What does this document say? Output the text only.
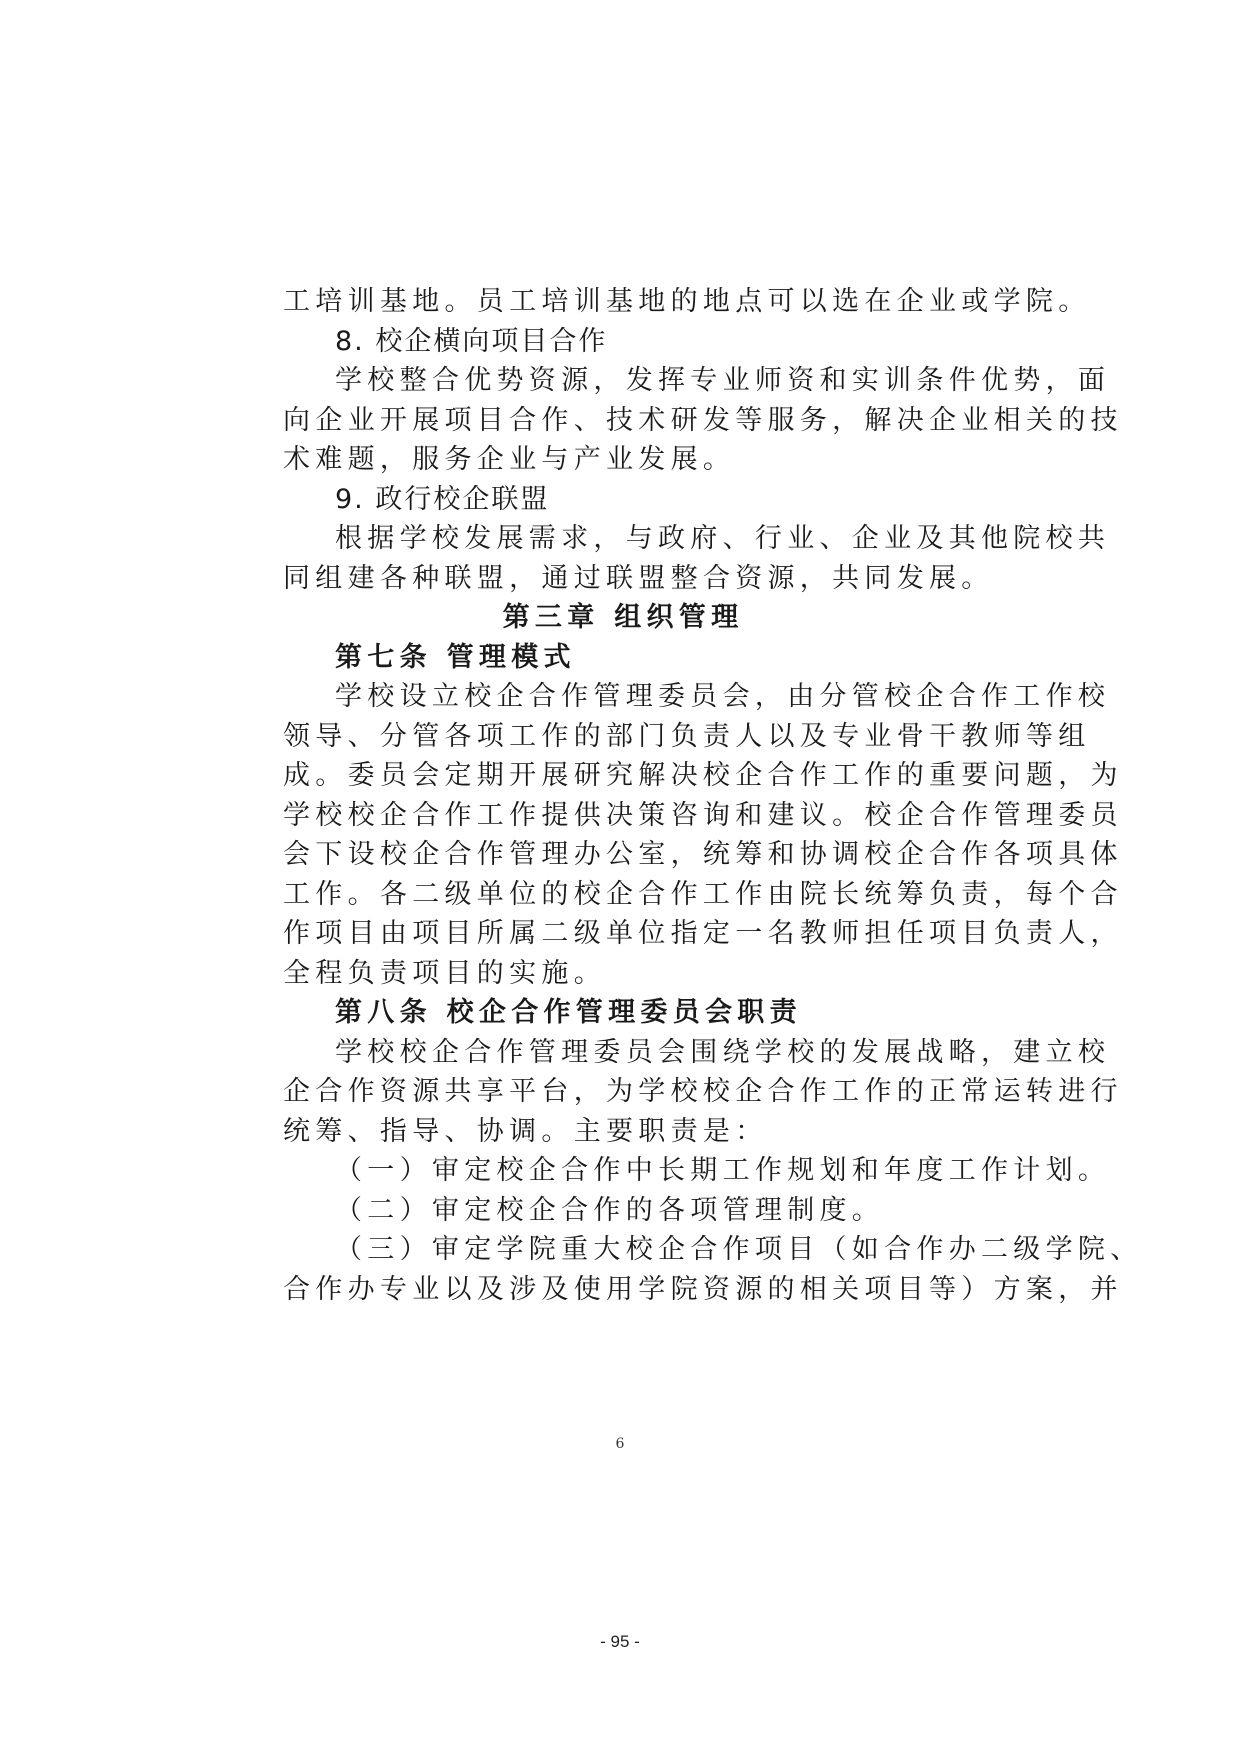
工培训基地。员工培训基地的地点可以选在企业或学院。
8. 校企横向项目合作
学校整合优势资源，发挥专业师资和实训条件优势，面
向企业开展项目合作、技术研发等服务，解决企业相关的技
术难题，服务企业与产业发展。
9. 政行校企联盟
根据学校发展需求，与政府、行业、企业及其他院校共
同组建各种联盟，通过联盟整合资源，共同发展。
第三章 组织管理
第七条 管理模式
学校设立校企合作管理委员会，由分管校企合作工作校
领导、分管各项工作的部门负责人以及专业骨干教师等组
成。委员会定期开展研究解决校企合作工作的重要问题，为
学校校企合作工作提供决策咨询和建议。校企合作管理委员
会下设校企合作管理办公室，统筹和协调校企合作各项具体
工作。各二级单位的校企合作工作由院长统筹负责，每个合
作项目由项目所属二级单位指定一名教师担任项目负责人，
全程负责项目的实施。
第八条 校企合作管理委员会职责
学校校企合作管理委员会围绕学校的发展战略，建立校
企合作资源共享平台，为学校校企合作工作的正常运转进行
统筹、指导、协调。主要职责是：
（一）审定校企合作中长期工作规划和年度工作计划。
（二）审定校企合作的各项管理制度。
（三）审定学院重大校企合作项目（如合作办二级学院、
合作办专业以及涉及使用学院资源的相关项目等）方案，并
6
- 95 -
